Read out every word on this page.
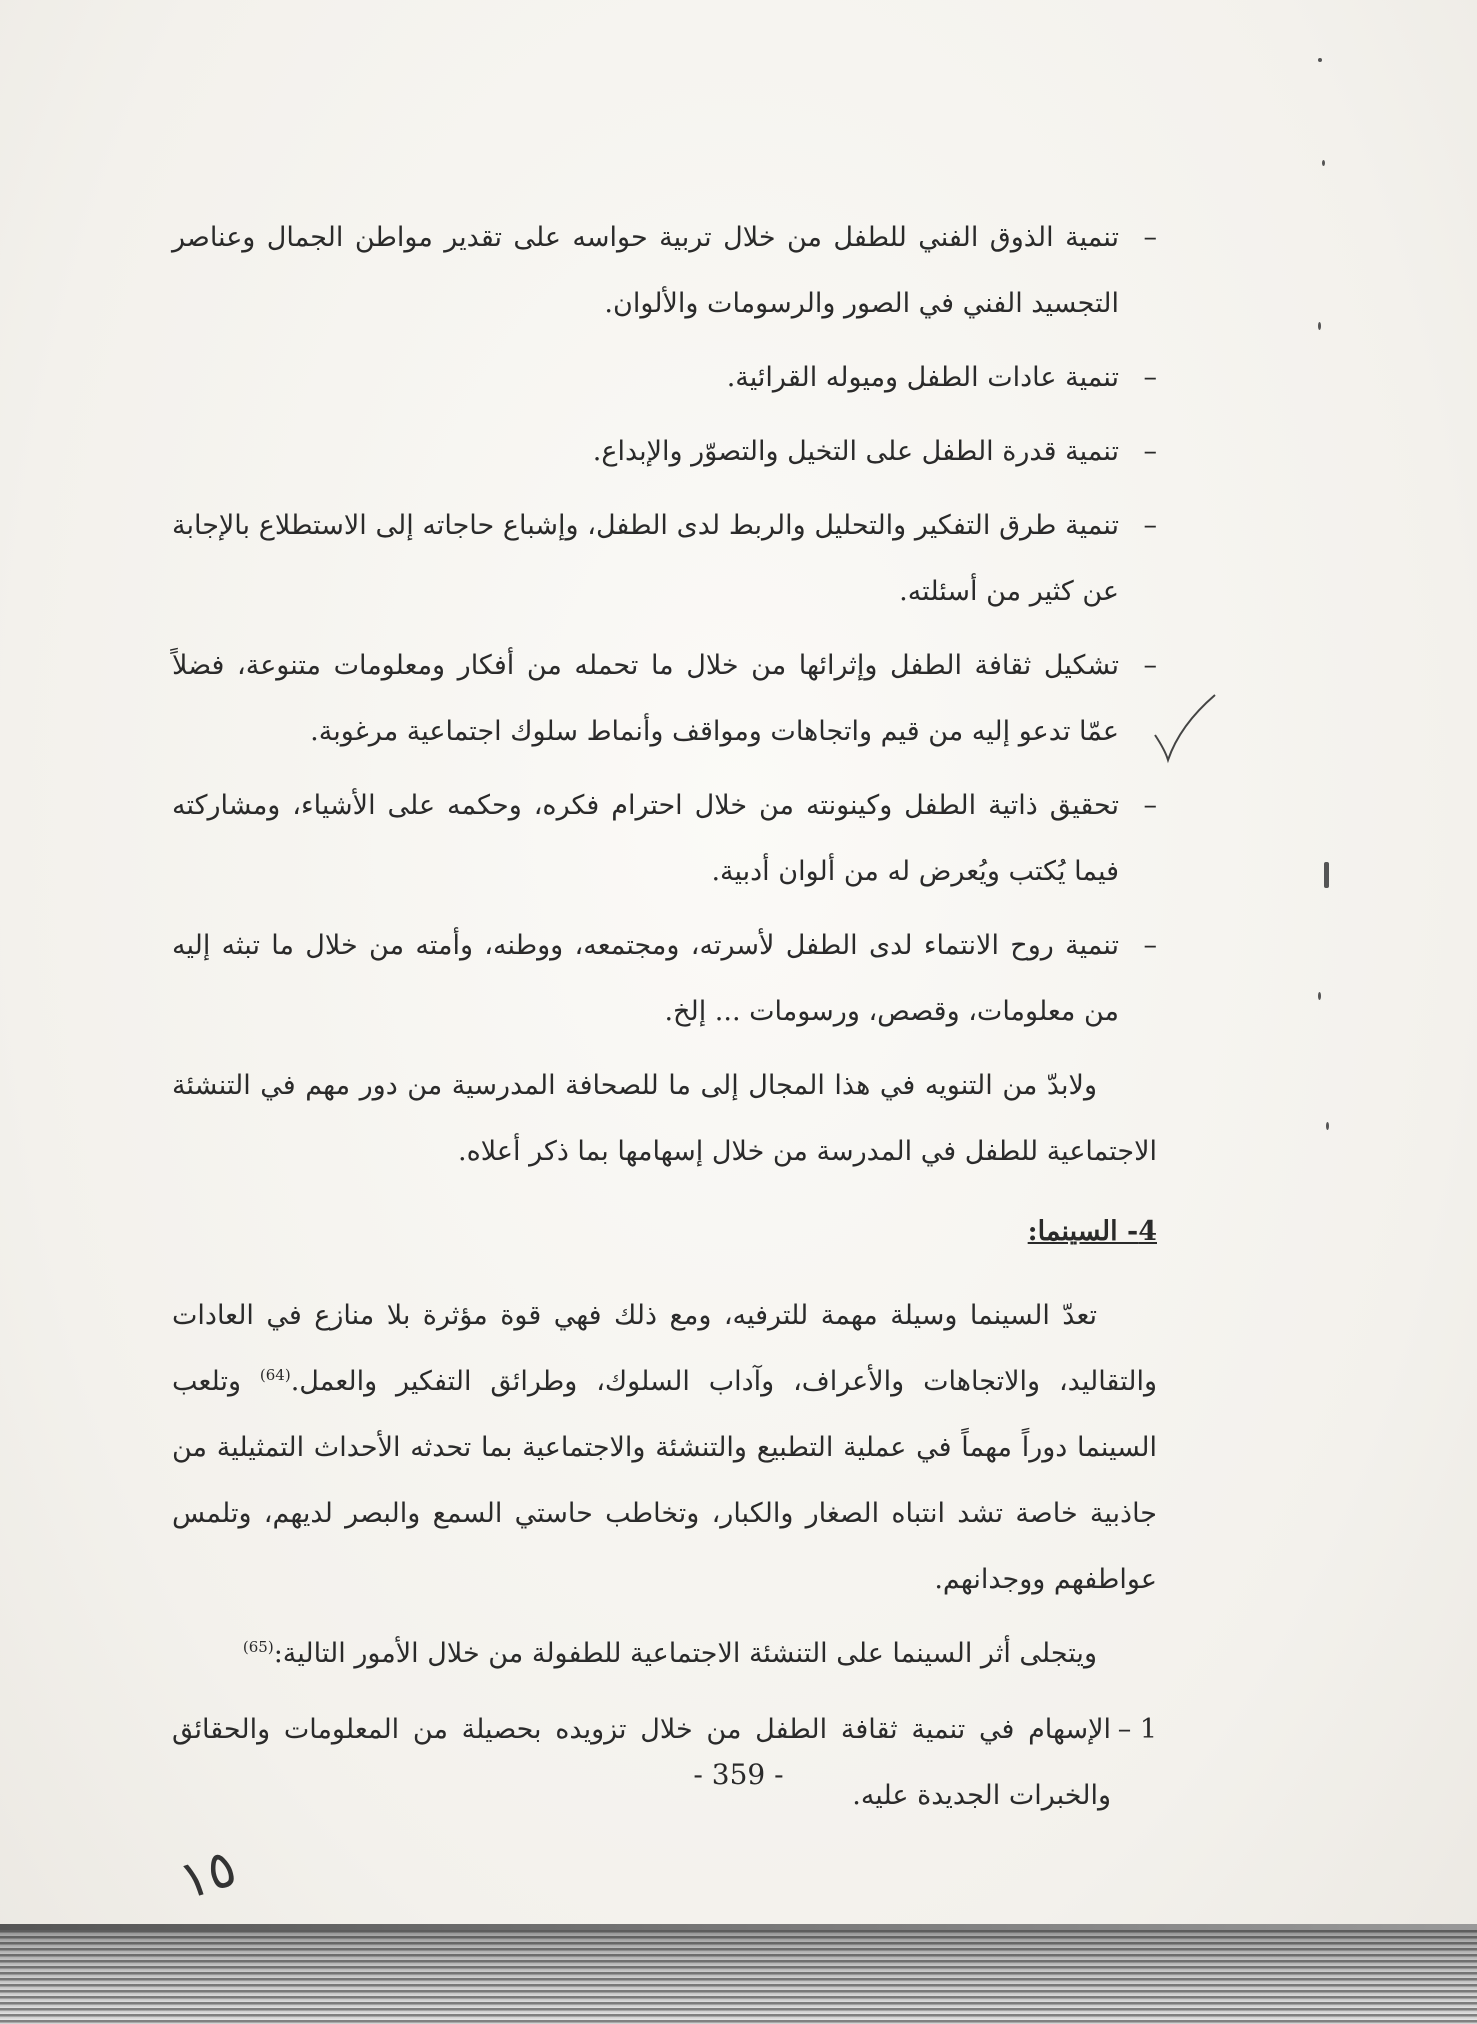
–
تنمية الذوق الفني للطفل من خلال تربية حواسه على تقدير مواطن الجمال وعناصر التجسيد الفني في الصور والرسومات والألوان.
–
تنمية عادات الطفل وميوله القرائية.
–
تنمية قدرة الطفل على التخيل والتصوّر والإبداع.
–
تنمية طرق التفكير والتحليل والربط لدى الطفل، وإشباع حاجاته إلى الاستطلاع بالإجابة عن كثير من أسئلته.
–
تشكيل ثقافة الطفل وإثرائها من خلال ما تحمله من أفكار ومعلومات متنوعة، فضلاً عمّا تدعو إليه من قيم واتجاهات ومواقف وأنماط سلوك اجتماعية مرغوبة.
–
تحقيق ذاتية الطفل وكينونته من خلال احترام فكره، وحكمه على الأشياء، ومشاركته فيما يُكتب ويُعرض له من ألوان أدبية.
–
تنمية روح الانتماء لدى الطفل لأسرته، ومجتمعه، ووطنه، وأمته من خلال ما تبثه إليه من معلومات، وقصص، ورسومات ... إلخ.

ولابدّ من التنويه في هذا المجال إلى ما للصحافة المدرسية من دور مهم في التنشئة الاجتماعية للطفل في المدرسة من خلال إسهامها بما ذكر أعلاه.

4- السينما:

تعدّ السينما وسيلة مهمة للترفيه، ومع ذلك فهي قوة مؤثرة بلا منازع في العادات والتقاليد، والاتجاهات والأعراف، وآداب السلوك، وطرائق التفكير والعمل.$^{(64)}$ وتلعب السينما دوراً مهماً في عملية التطبيع والتنشئة والاجتماعية بما تحدثه الأحداث التمثيلية من جاذبية خاصة تشد انتباه الصغار والكبار، وتخاطب حاستي السمع والبصر لديهم، وتلمس عواطفهم ووجدانهم.

ويتجلى أثر السينما على التنشئة الاجتماعية للطفولة من خلال الأمور التالية:$^{(65)}$

1 –
الإسهام في تنمية ثقافة الطفل من خلال تزويده بحصيلة من المعلومات والحقائق والخبرات الجديدة عليه.
- 359 -
١٥
